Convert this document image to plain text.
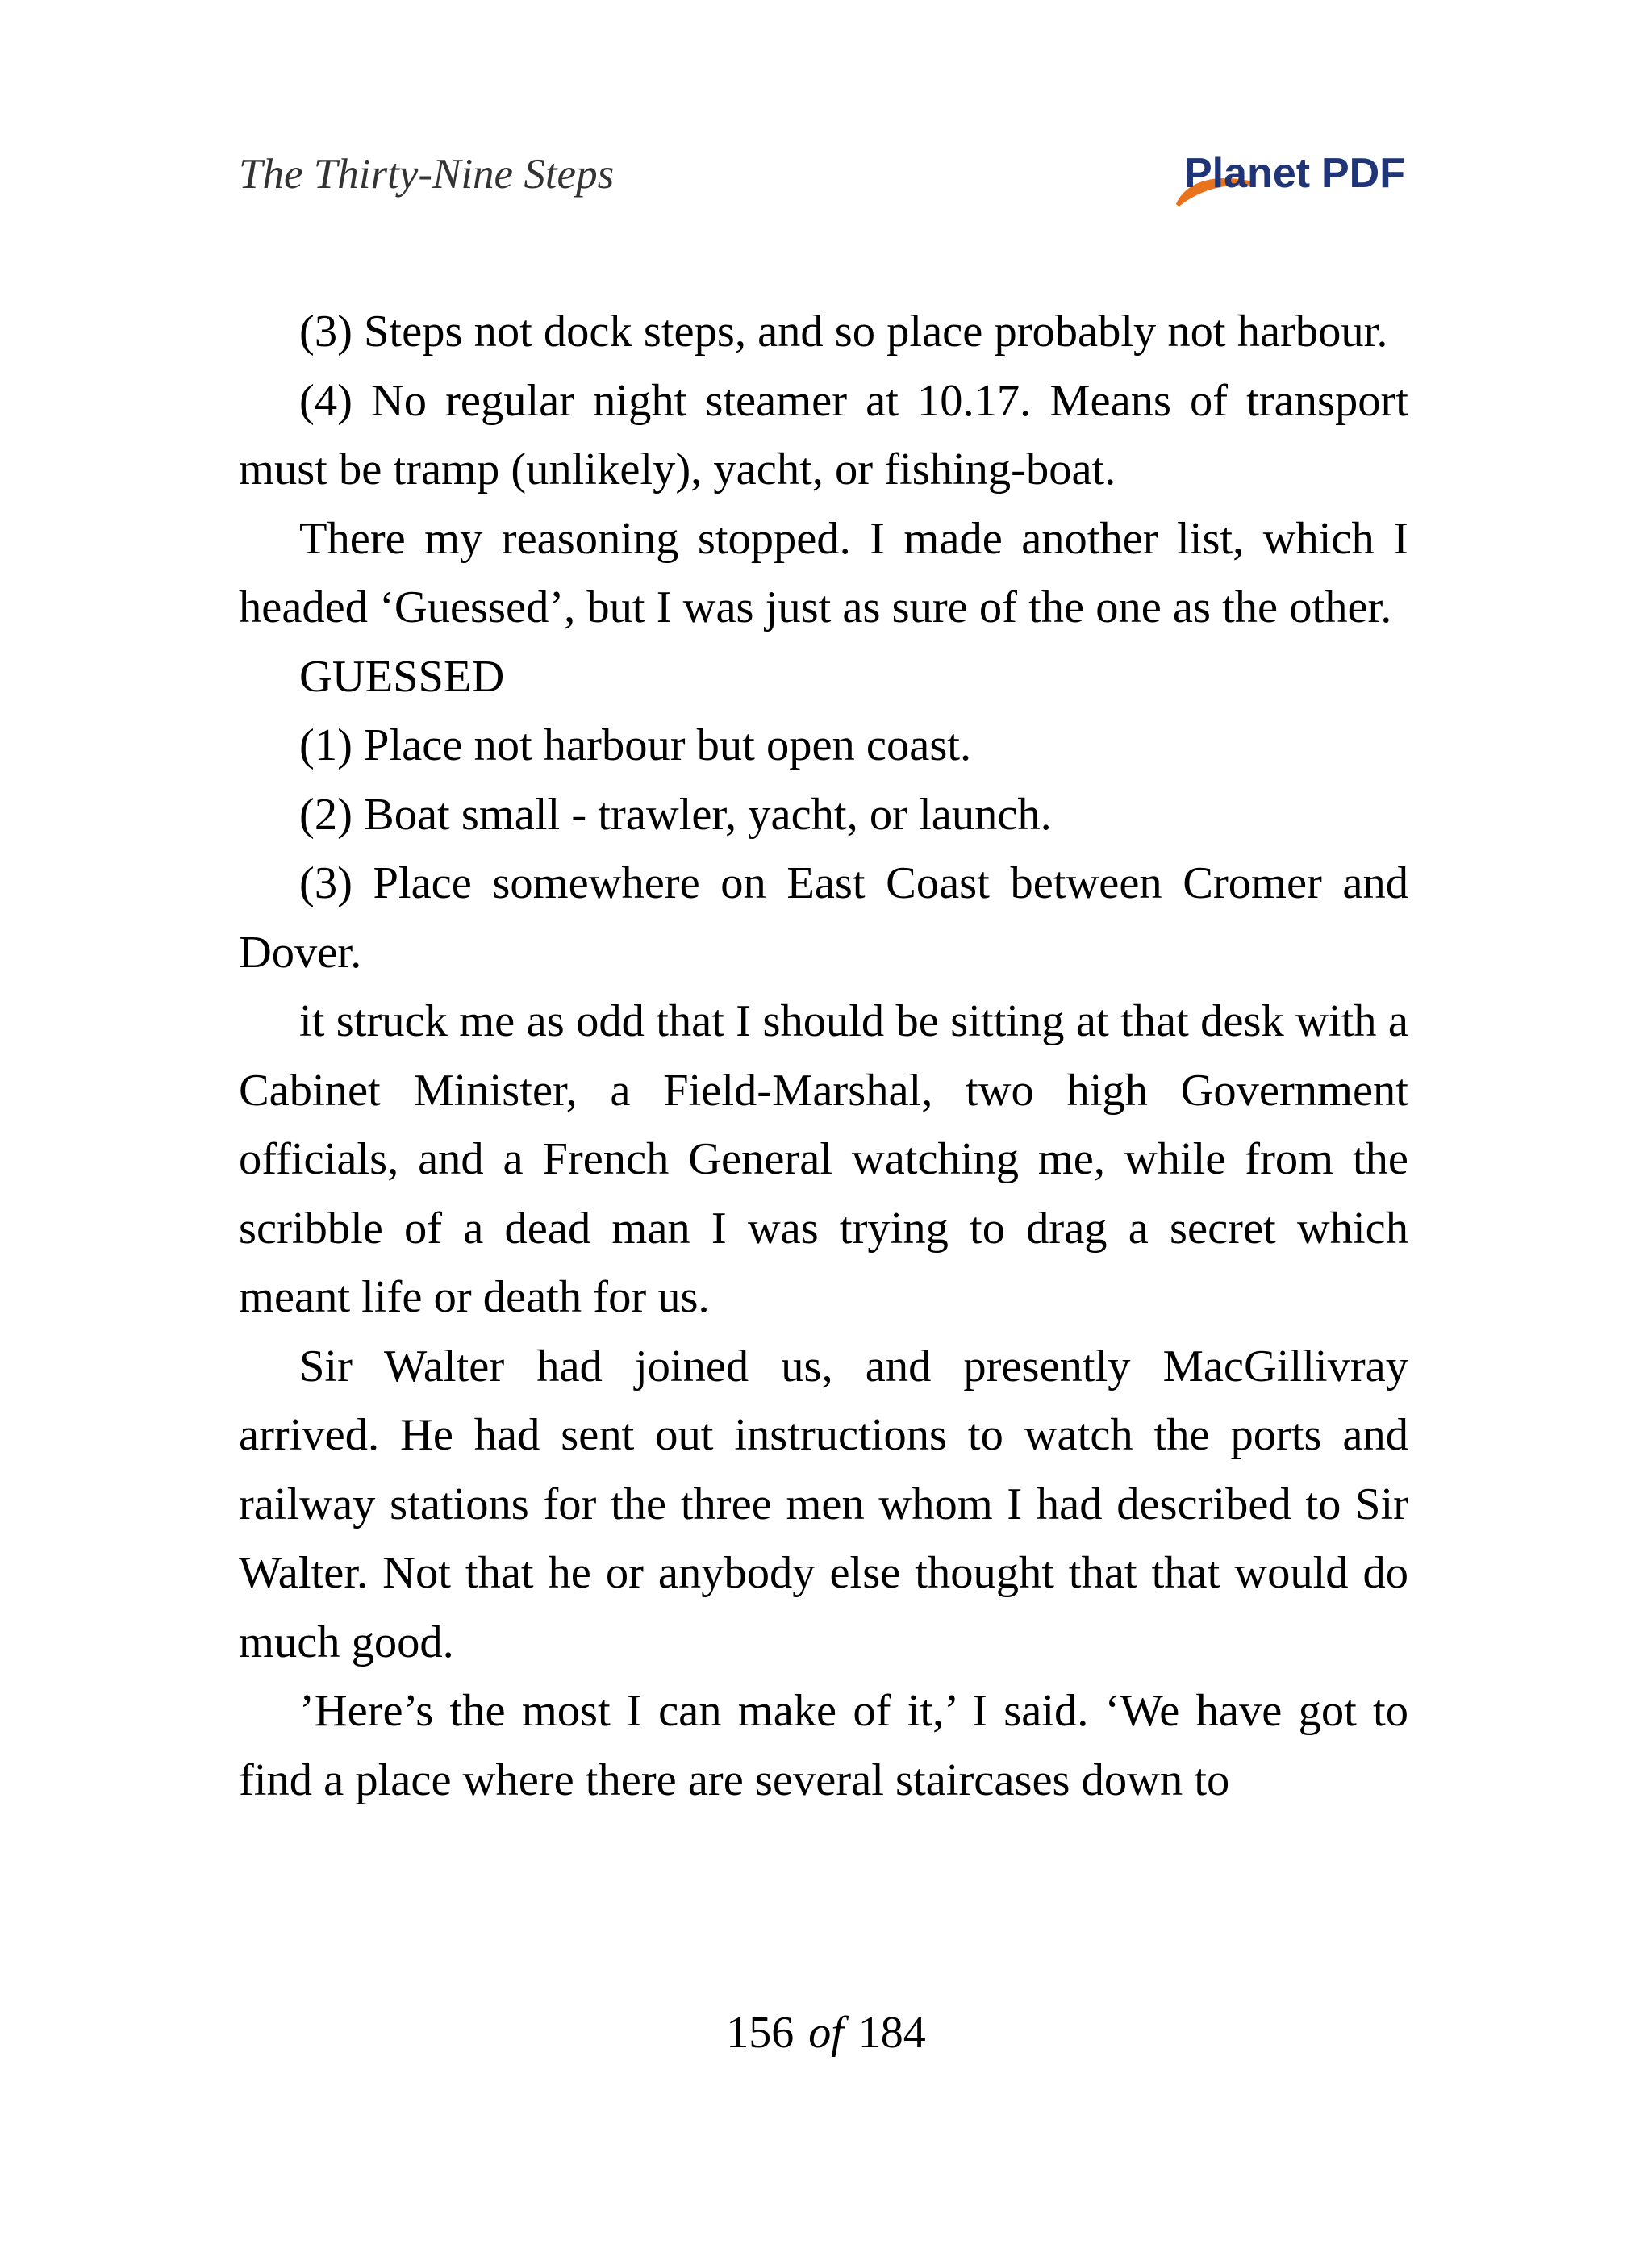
The Thirty-Nine Steps	Planet PDF

(3) Steps not dock steps, and so place probably not harbour.

(4) No regular night steamer at 10.17. Means of transport must be tramp (unlikely), yacht, or fishing-boat.

There my reasoning stopped. I made another list, which I headed ‘Guessed’, but I was just as sure of the one as the other.

GUESSED

(1) Place not harbour but open coast.

(2) Boat small - trawler, yacht, or launch.

(3) Place somewhere on East Coast between Cromer and Dover.

it struck me as odd that I should be sitting at that desk with a Cabinet Minister, a Field-Marshal, two high Government officials, and a French General watching me, while from the scribble of a dead man I was trying to drag a secret which meant life or death for us.

Sir Walter had joined us, and presently MacGillivray arrived. He had sent out instructions to watch the ports and railway stations for the three men whom I had described to Sir Walter. Not that he or anybody else thought that that would do much good.

’Here’s the most I can make of it,’ I said. ‘We have got to find a place where there are several staircases down to

156 of 184
